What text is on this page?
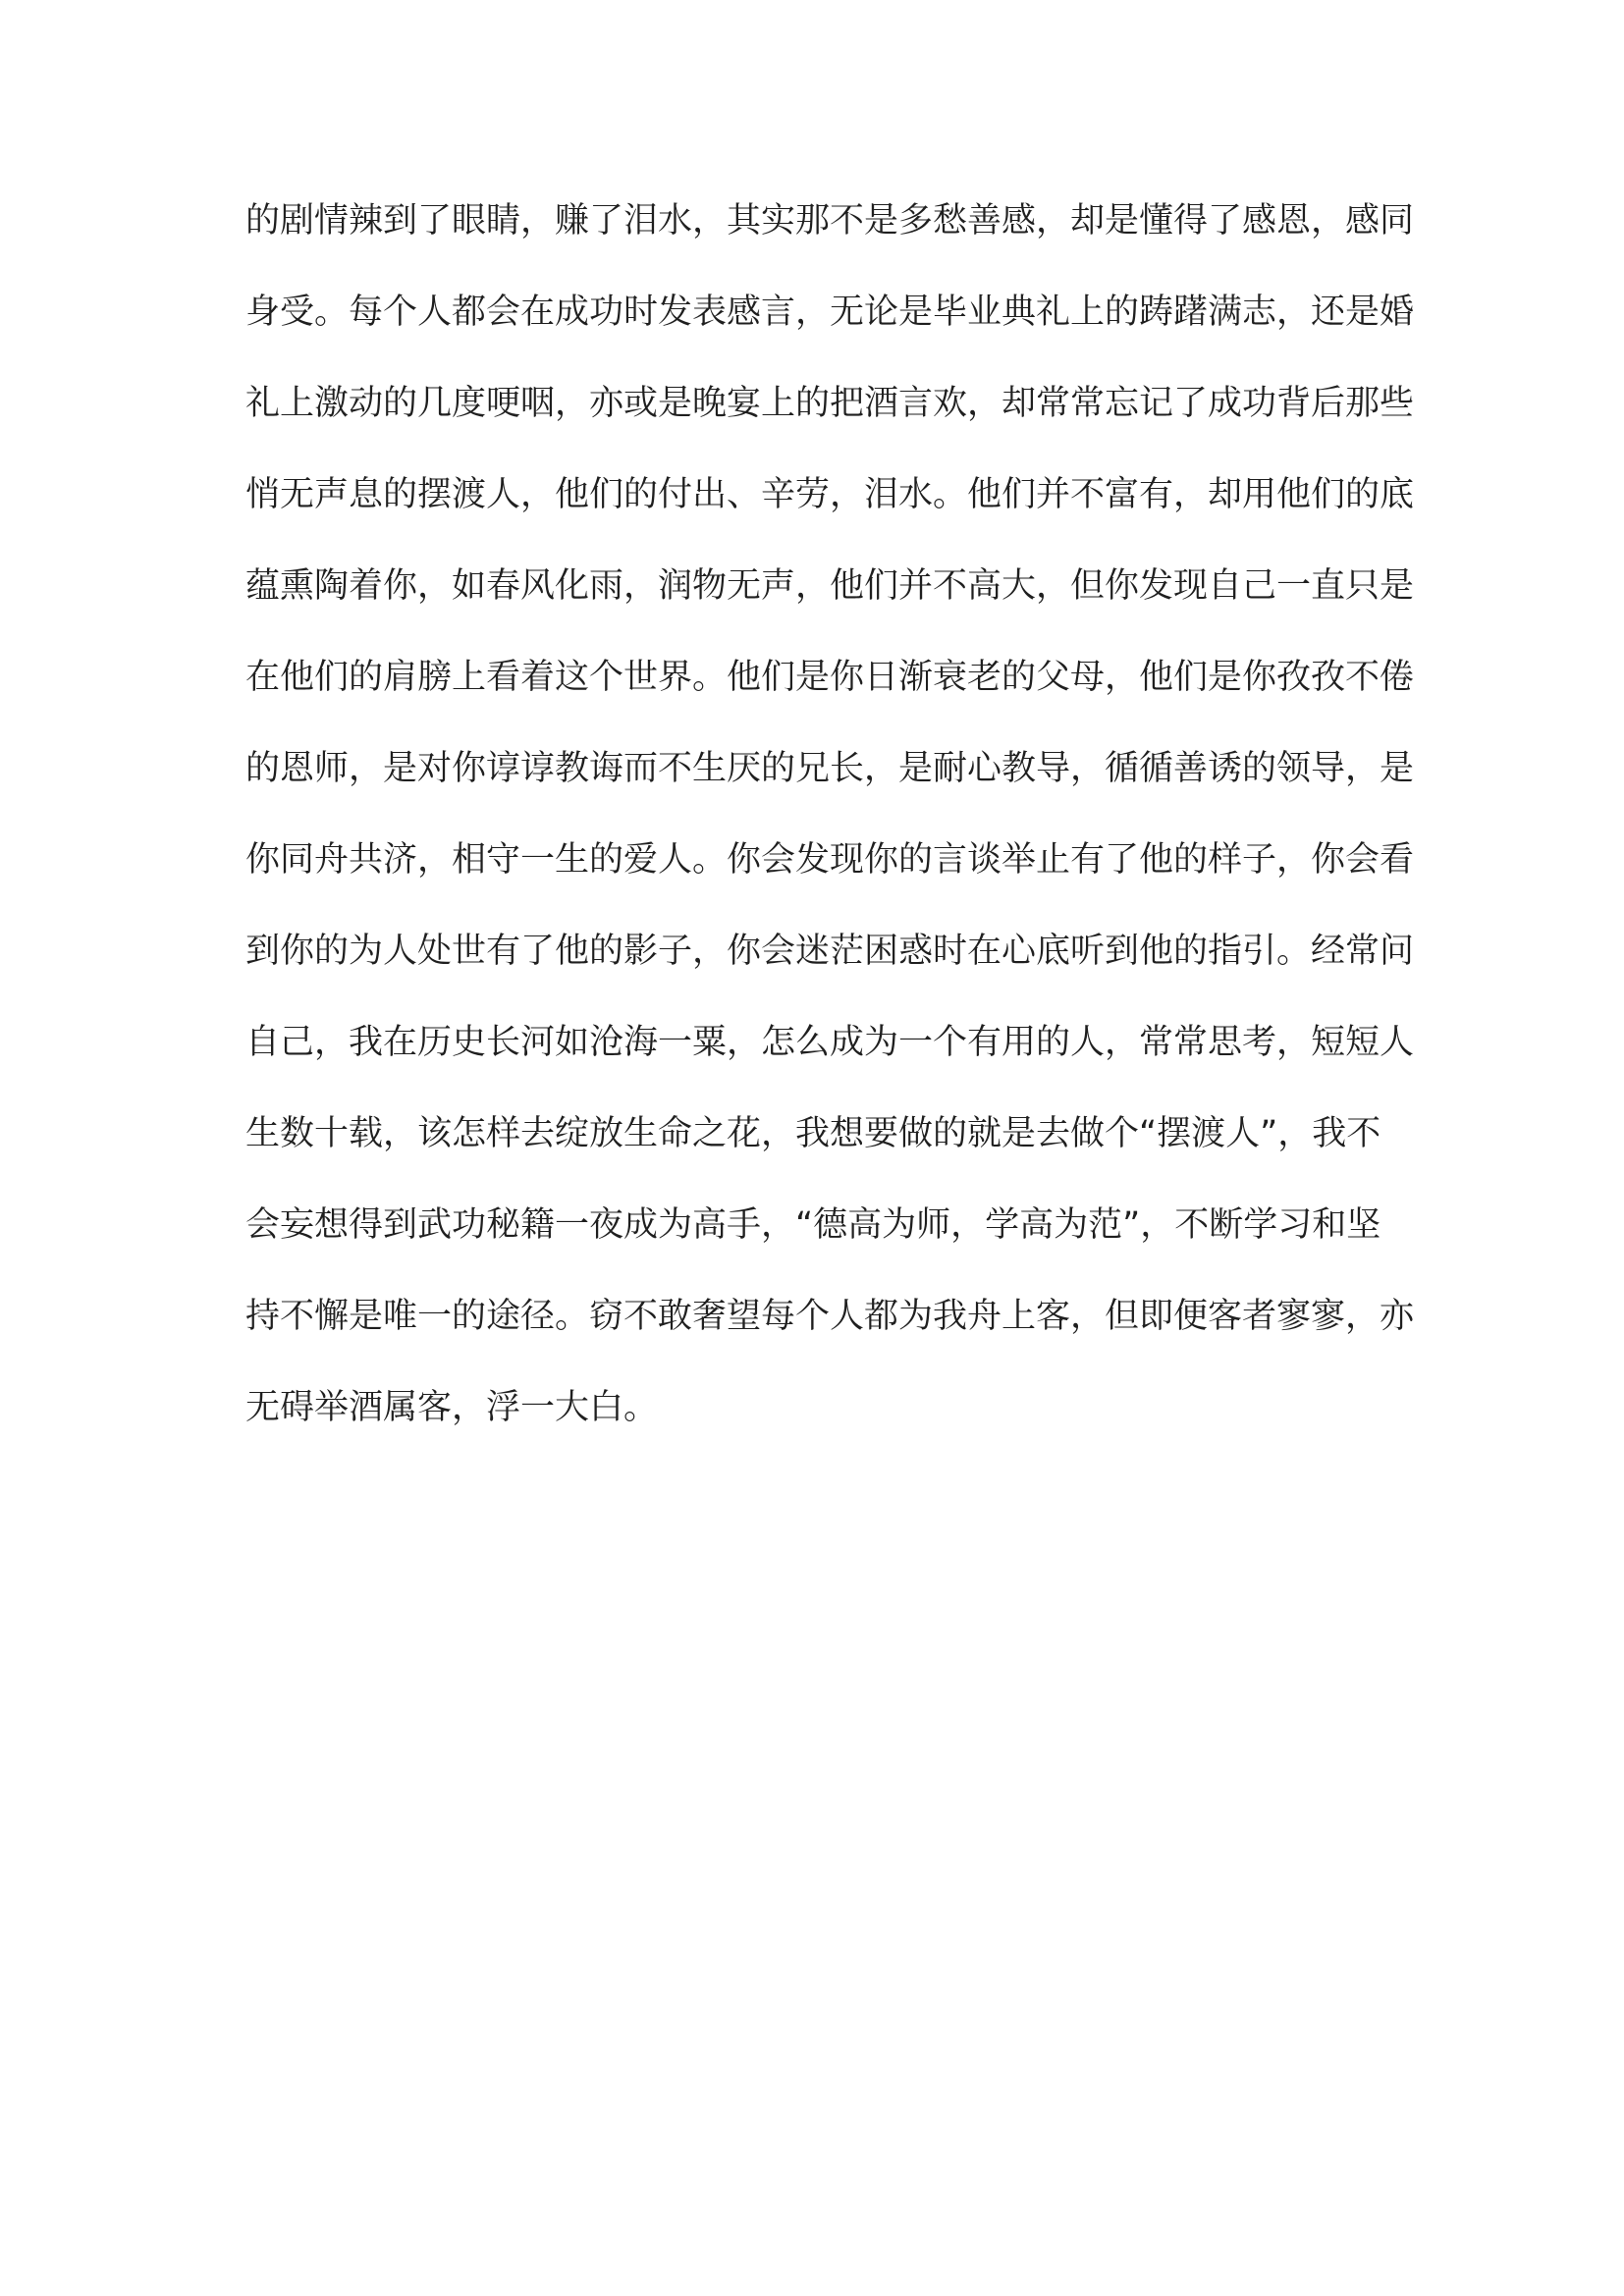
的剧情辣到了眼睛，赚了泪水，其实那不是多愁善感，却是懂得了感恩，感同
身受。每个人都会在成功时发表感言，无论是毕业典礼上的踌躇满志，还是婚
礼上激动的几度哽咽，亦或是晚宴上的把酒言欢，却常常忘记了成功背后那些
悄无声息的摆渡人，他们的付出、辛劳，泪水。他们并不富有，却用他们的底
蕴熏陶着你，如春风化雨，润物无声，他们并不高大，但你发现自己一直只是
在他们的肩膀上看着这个世界。他们是你日渐衰老的父母，他们是你孜孜不倦
的恩师，是对你谆谆教诲而不生厌的兄长，是耐心教导，循循善诱的领导，是
你同舟共济，相守一生的爱人。你会发现你的言谈举止有了他的样子，你会看
到你的为人处世有了他的影子，你会迷茫困惑时在心底听到他的指引。经常问
自己，我在历史长河如沧海一粟，怎么成为一个有用的人，常常思考，短短人
生数十载，该怎样去绽放生命之花，我想要做的就是去做个“摆渡人”，我不
会妄想得到武功秘籍一夜成为高手，“德高为师，学高为范”，不断学习和坚
持不懈是唯一的途径。窃不敢奢望每个人都为我舟上客，但即便客者寥寥，亦
无碍举酒属客，浮一大白。
